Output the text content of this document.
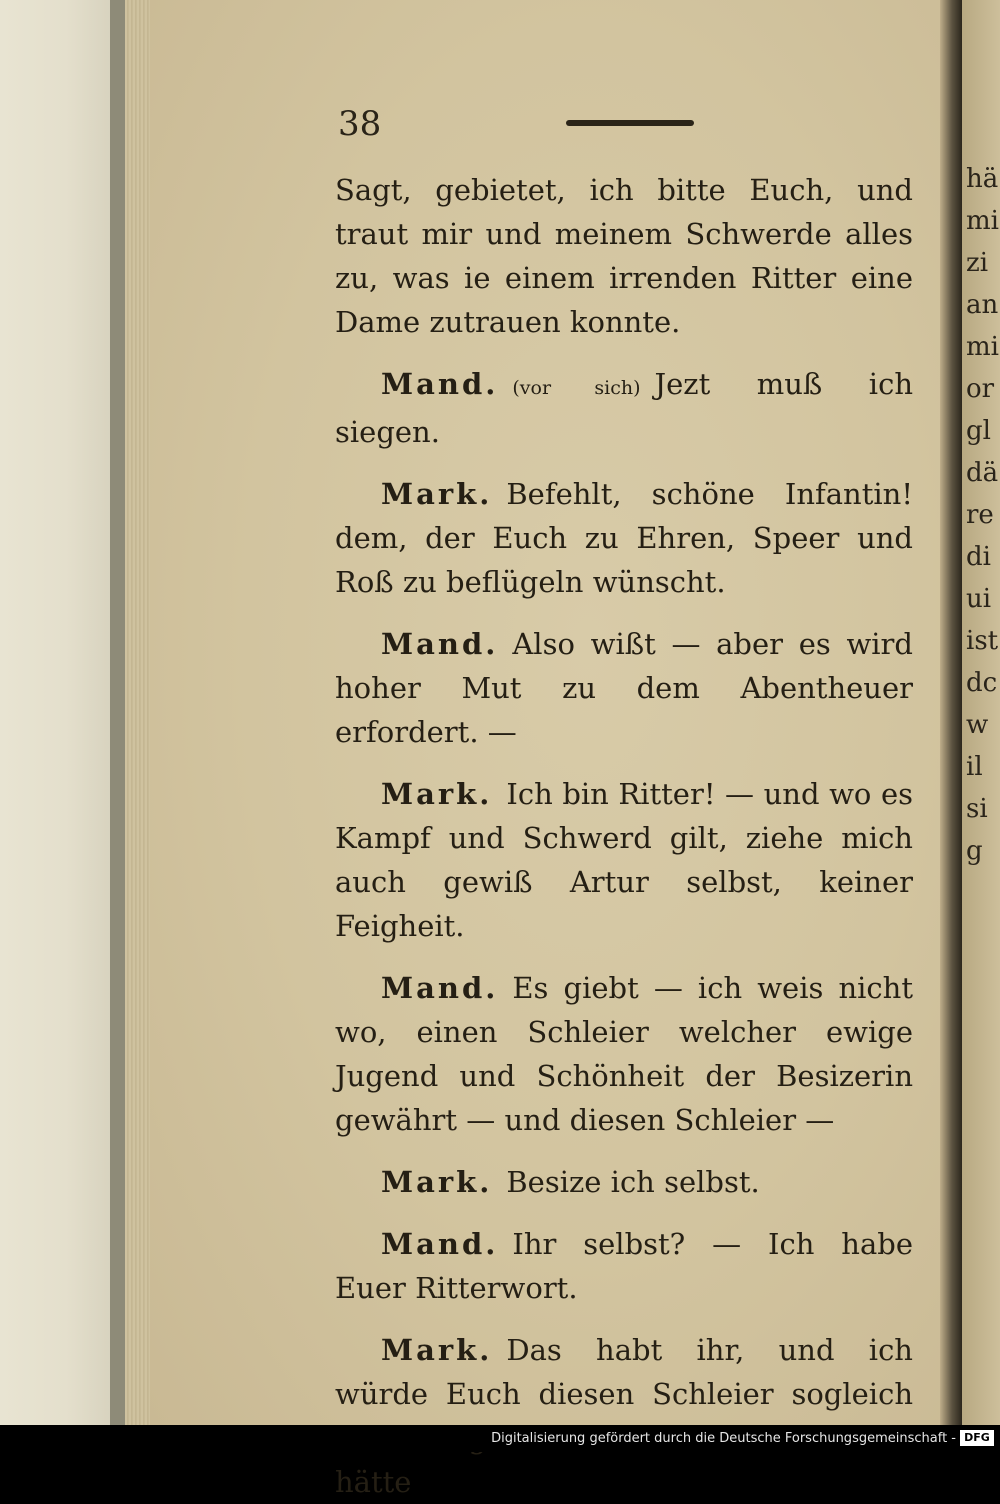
38

Sagt, gebietet, ich bitte Euch, und traut mir und meinem Schwerde alles zu, was ie einem irrenden Ritter eine Dame zutrauen konnte.

Mand. (vor sich) Jezt muß ich siegen.

Mark. Befehlt, schöne Infantin! dem, der Euch zu Ehren, Speer und Roß zu beflügeln wünscht.

Mand. Also wißt — aber es wird hoher Mut zu dem Abentheuer erfordert. —

Mark. Ich bin Ritter! — und wo es Kampf und Schwerd gilt, ziehe mich auch gewiß Artur selbst, keiner Feigheit.

Mand. Es giebt — ich weis nicht wo, einen Schleier welcher ewige Jugend und Schönheit der Besizerin gewährt — und diesen Schleier —

Mark. Besize ich selbst.

Mand. Ihr selbst? — Ich habe Euer Ritterwort.

Mark. Das habt ihr, und ich würde Euch diesen Schleier sogleich

hätte

hä
mi
zi
an
mi
or
gl
dä
re
di
ui
ist
dc
w
il
si
g
Digitalisierung gefördert durch die Deutsche Forschungsgemeinschaft - DFG
